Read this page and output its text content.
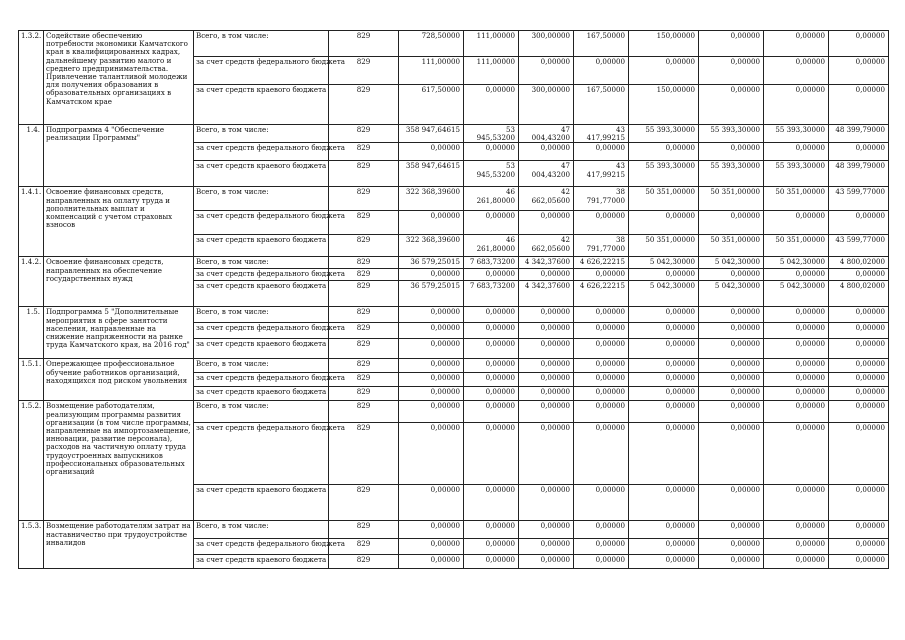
1.3.2.	Содействие обеспечению потребности экономики Камчатского края в квалифицированных кадрах, дальнейшему развитию малого и среднего предпринимательства. Привлечение талантливой молодежи для получения образования в образовательных организациях в Камчатском крае	Всего, в том числе:	829	728,50000	111,00000	300,00000	167,50000	150,00000	0,00000	0,00000	0,00000
		за счет средств федерального бюджета	829	111,00000	111,00000	0,00000	0,00000	0,00000	0,00000	0,00000	0,00000
		за счет средств краевого бюджета	829	617,50000	0,00000	300,00000	167,50000	150,00000	0,00000	0,00000	0,00000
1.4.	Подпрограмма 4 "Обеспечение реализации Программы"	Всего, в том числе:	829	358 947,64615	53 945,53200	47 004,43200	43 417,99215	55 393,30000	55 393,30000	55 393,30000	48 399,79000
		за счет средств федерального бюджета	829	0,00000	0,00000	0,00000	0,00000	0,00000	0,00000	0,00000	0,00000
		за счет средств краевого бюджета	829	358 947,64615	53 945,53200	47 004,43200	43 417,99215	55 393,30000	55 393,30000	55 393,30000	48 399,79000
1.4.1.	Освоение финансовых средств, направленных на оплату труда и дополнительных выплат и компенсаций с учетом страховых взносов	Всего, в том числе:	829	322 368,39600	46 261,80000	42 662,05600	38 791,77000	50 351,00000	50 351,00000	50 351,00000	43 599,77000
		за счет средств федерального бюджета	829	0,00000	0,00000	0,00000	0,00000	0,00000	0,00000	0,00000	0,00000
		за счет средств краевого бюджета	829	322 368,39600	46 261,80000	42 662,05600	38 791,77000	50 351,00000	50 351,00000	50 351,00000	43 599,77000
1.4.2.	Освоение финансовых средств, направленных на обеспечение государственных нужд	Всего, в том числе:	829	36 579,25015	7 683,73200	4 342,37600	4 626,22215	5 042,30000	5 042,30000	5 042,30000	4 800,02000
		за счет средств федерального бюджета	829	0,00000	0,00000	0,00000	0,00000	0,00000	0,00000	0,00000	0,00000
		за счет средств краевого бюджета	829	36 579,25015	7 683,73200	4 342,37600	4 626,22215	5 042,30000	5 042,30000	5 042,30000	4 800,02000
1.5.	Подпрограмма 5 "Дополнительные мероприятия в сфере занятости населения, направленные на снижение напряженности на рынке труда Камчатского края, на 2016 год"	Всего, в том числе:	829	0,00000	0,00000	0,00000	0,00000	0,00000	0,00000	0,00000	0,00000
		за счет средств федерального бюджета	829	0,00000	0,00000	0,00000	0,00000	0,00000	0,00000	0,00000	0,00000
		за счет средств краевого бюджета	829	0,00000	0,00000	0,00000	0,00000	0,00000	0,00000	0,00000	0,00000
1.5.1.	Опережающее профессиональное обучение работников организаций, находящихся под риском увольнения	Всего, в том числе:	829	0,00000	0,00000	0,00000	0,00000	0,00000	0,00000	0,00000	0,00000
		за счет средств федерального бюджета	829	0,00000	0,00000	0,00000	0,00000	0,00000	0,00000	0,00000	0,00000
		за счет средств краевого бюджета	829	0,00000	0,00000	0,00000	0,00000	0,00000	0,00000	0,00000	0,00000
1.5.2.	Возмещение работодателям, реализующим программы развития организации (в том числе программы, направленные на импортозамещение, инновации, развитие персонала), расходов на частичную оплату труда трудоустроенных выпускников профессиональных образовательных организаций	Всего, в том числе:	829	0,00000	0,00000	0,00000	0,00000	0,00000	0,00000	0,00000	0,00000
		за счет средств федерального бюджета	829	0,00000	0,00000	0,00000	0,00000	0,00000	0,00000	0,00000	0,00000
		за счет средств краевого бюджета	829	0,00000	0,00000	0,00000	0,00000	0,00000	0,00000	0,00000	0,00000
1.5.3.	Возмещение работодателям затрат на наставничество при трудоустройстве инвалидов	Всего, в том числе:	829	0,00000	0,00000	0,00000	0,00000	0,00000	0,00000	0,00000	0,00000
		за счет средств федерального бюджета	829	0,00000	0,00000	0,00000	0,00000	0,00000	0,00000	0,00000	0,00000
		за счет средств краевого бюджета	829	0,00000	0,00000	0,00000	0,00000	0,00000	0,00000	0,00000	0,00000
